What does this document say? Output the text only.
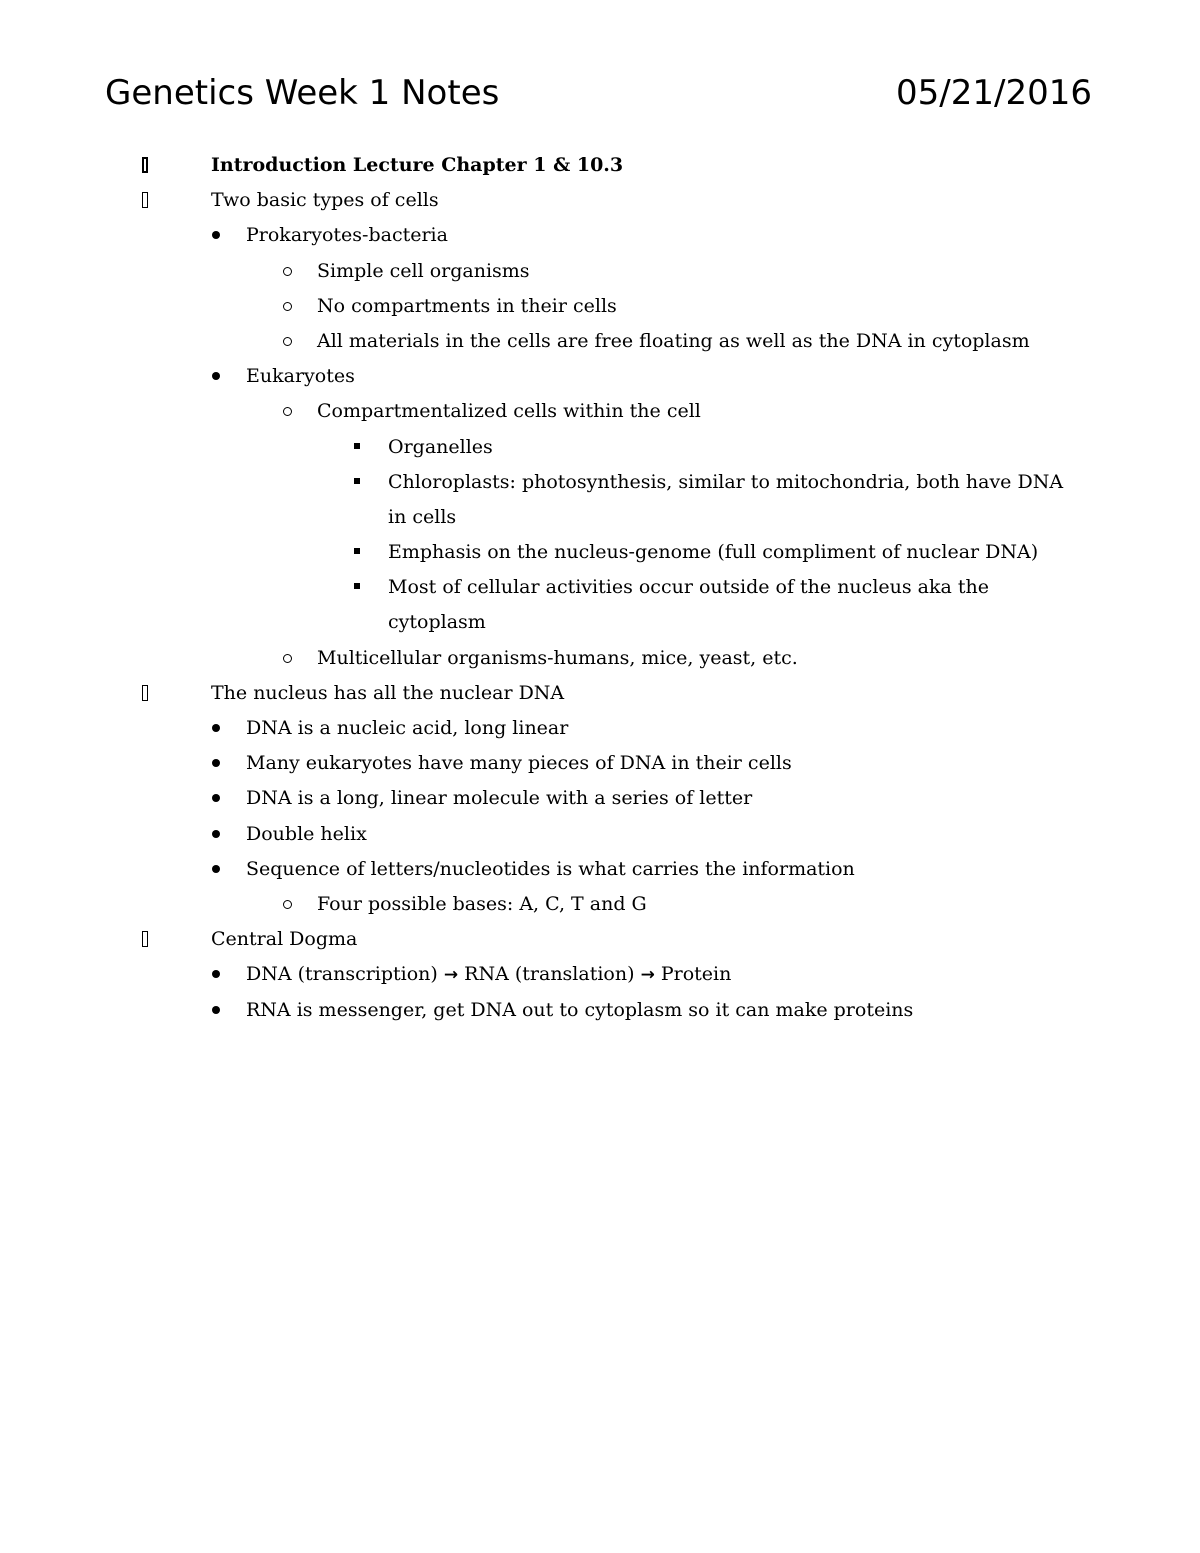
Genetics Week 1 Notes	05/21/2016
Introduction Lecture Chapter 1 & 10.3
Two basic types of cells
Prokaryotes-bacteria
Simple cell organisms
No compartments in their cells
All materials in the cells are free floating as well as the DNA in cytoplasm
Eukaryotes
Compartmentalized cells within the cell
Organelles
Chloroplasts: photosynthesis, similar to mitochondria, both have DNA in cells
Emphasis on the nucleus-genome (full compliment of nuclear DNA)
Most of cellular activities occur outside of the nucleus aka the cytoplasm
Multicellular organisms-humans, mice, yeast, etc.
The nucleus has all the nuclear DNA
DNA is a nucleic acid, long linear
Many eukaryotes have many pieces of DNA in their cells
DNA is a long, linear molecule with a series of letter
Double helix
Sequence of letters/nucleotides is what carries the information
Four possible bases: A, C, T and G
Central Dogma
DNA (transcription) → RNA (translation) → Protein
RNA is messenger, get DNA out to cytoplasm so it can make proteins
